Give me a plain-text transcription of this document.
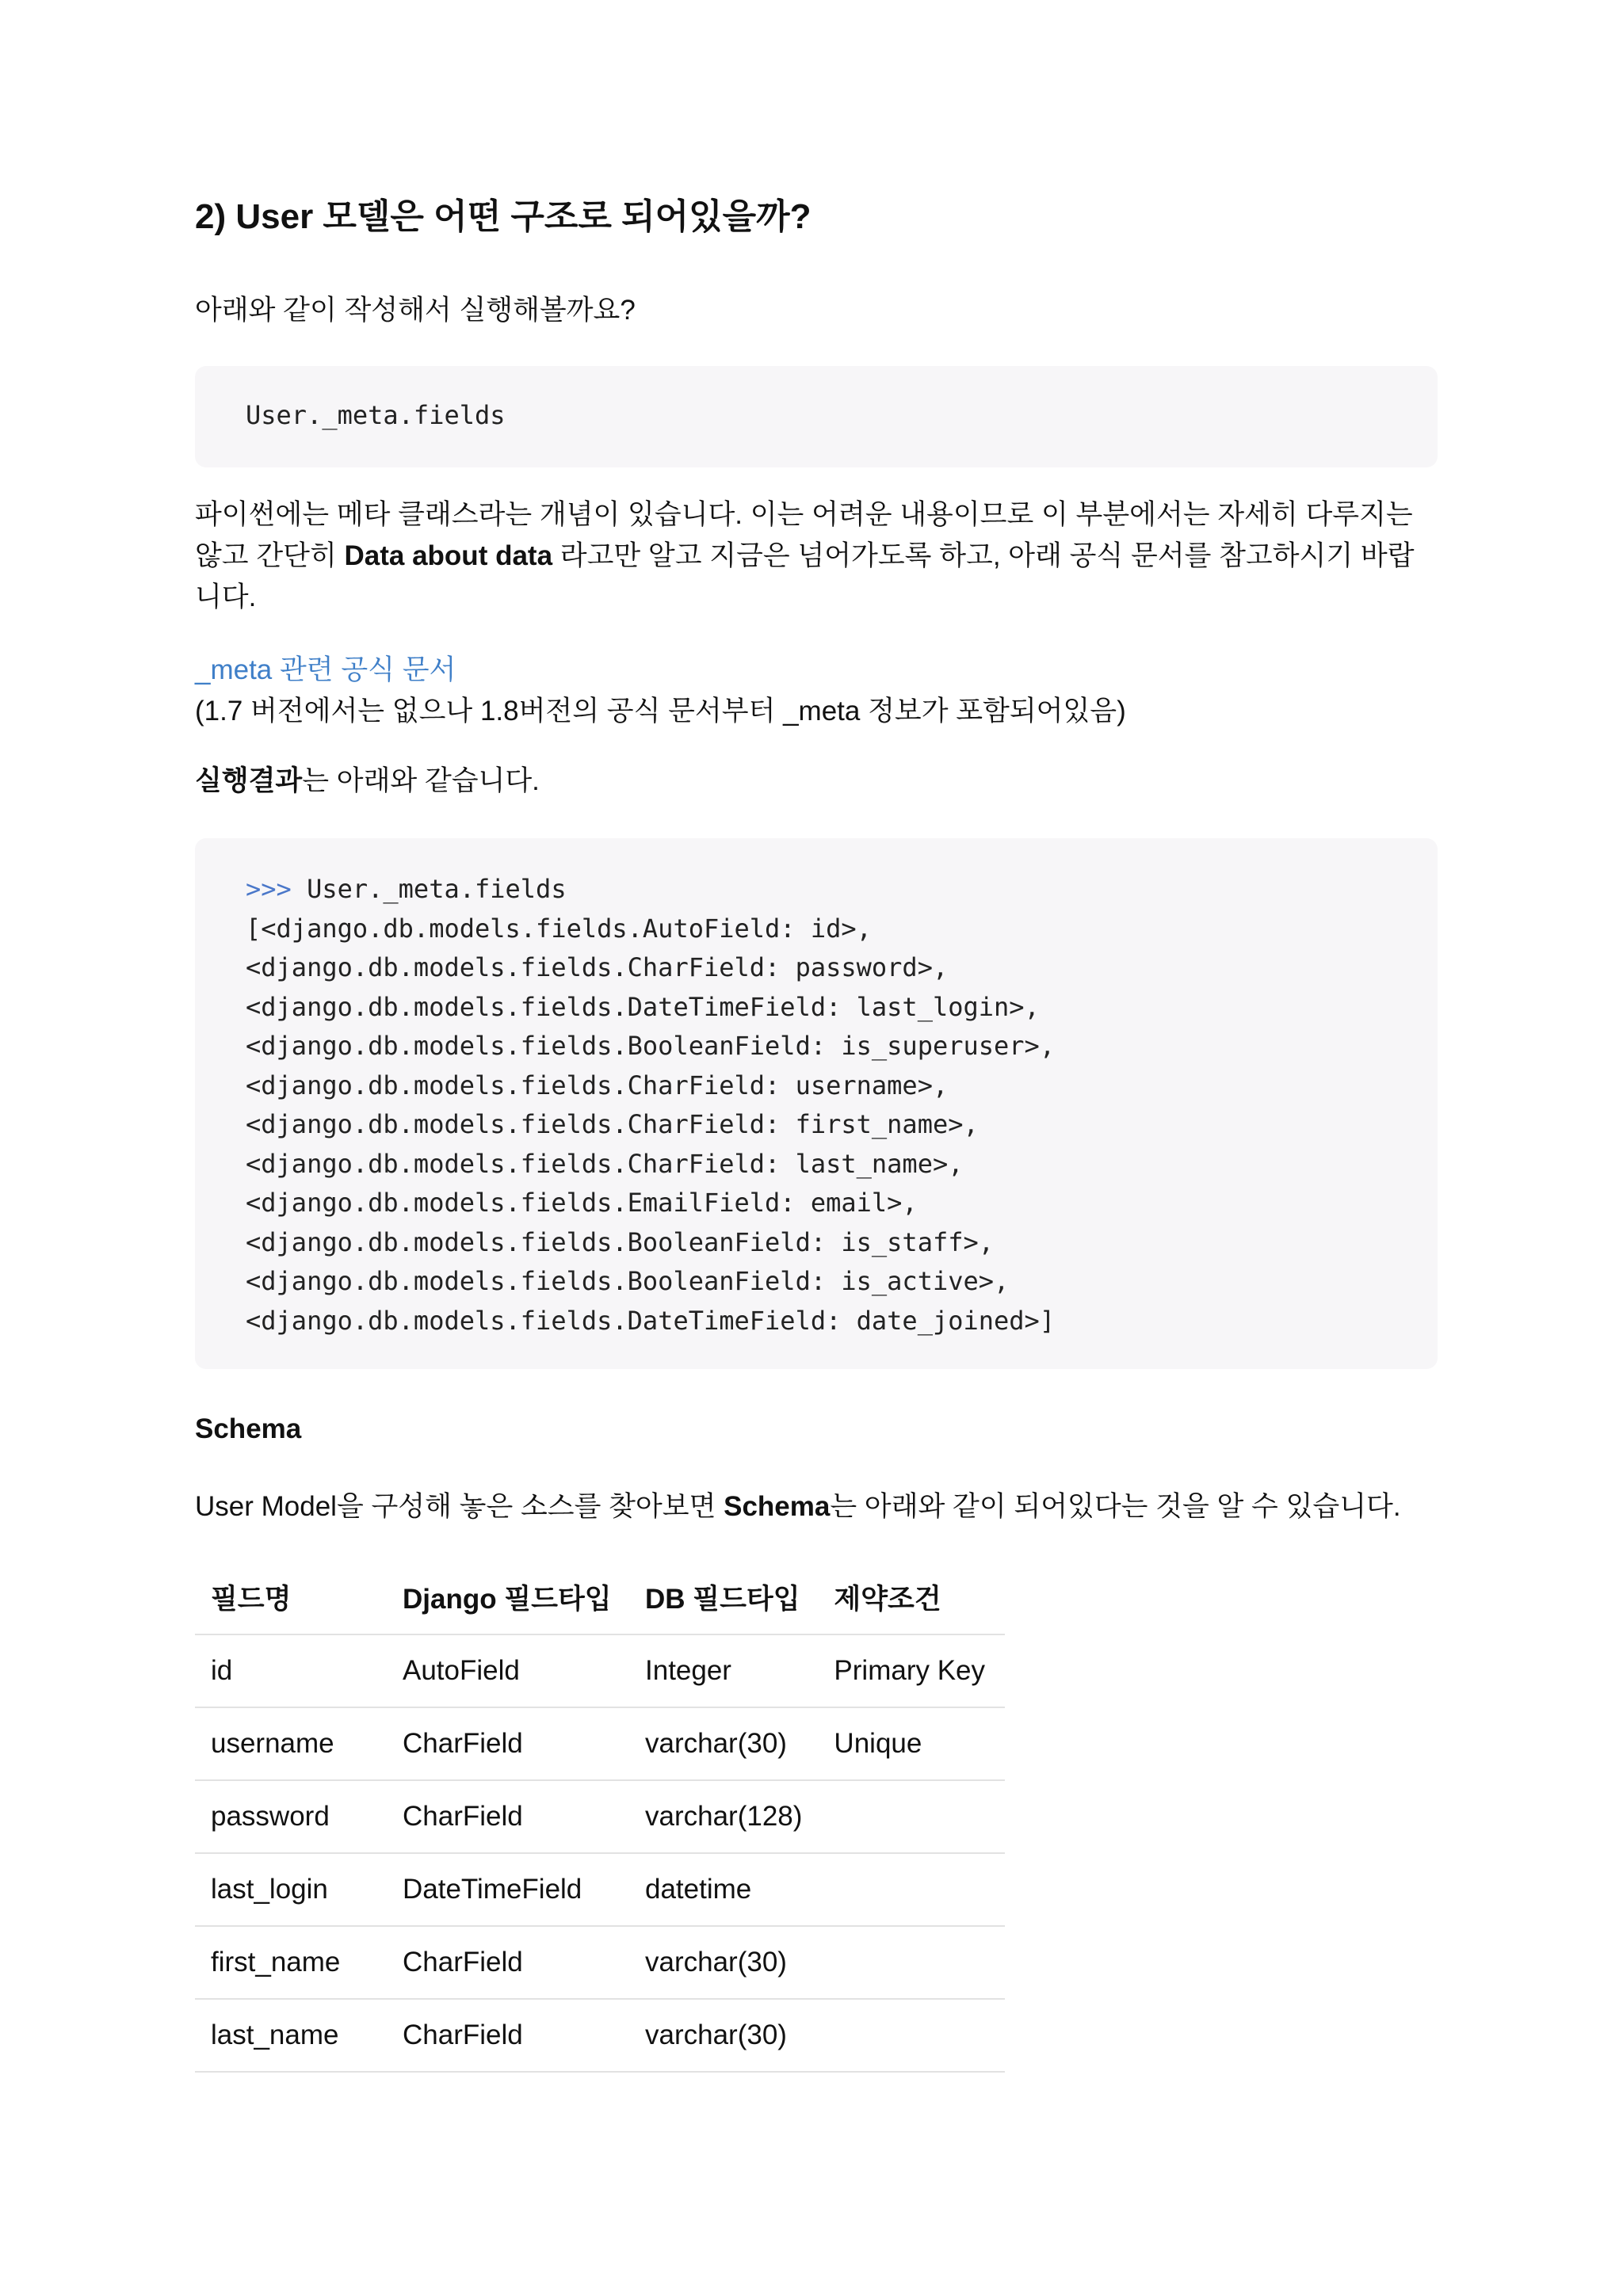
2) User 모델은 어떤 구조로 되어있을까?

아래와 같이 작성해서 실행해볼까요?

User._meta.fields

파이썬에는 메타 클래스라는 개념이 있습니다. 이는 어려운 내용이므로 이 부분에서는 자세히 다루지는 않고 간단히 Data about data 라고만 알고 지금은 넘어가도록 하고, 아래 공식 문서를 참고하시기 바랍니다.

_meta 관련 공식 문서
(1.7 버전에서는 없으나 1.8버전의 공식 문서부터 _meta 정보가 포함되어있음)

실행결과는 아래와 같습니다.

>>> User._meta.fields
[<django.db.models.fields.AutoField: id>,
<django.db.models.fields.CharField: password>,
<django.db.models.fields.DateTimeField: last_login>,
<django.db.models.fields.BooleanField: is_superuser>,
<django.db.models.fields.CharField: username>,
<django.db.models.fields.CharField: first_name>,
<django.db.models.fields.CharField: last_name>,
<django.db.models.fields.EmailField: email>,
<django.db.models.fields.BooleanField: is_staff>,
<django.db.models.fields.BooleanField: is_active>,
<django.db.models.fields.DateTimeField: date_joined>]

Schema

User Model을 구성해 놓은 소스를 찾아보면 Schema는 아래와 같이 되어있다는 것을 알 수 있습니다.

필드명	Django 필드타입	DB 필드타입	제약조건
id	AutoField	Integer	Primary Key
username	CharField	varchar(30)	Unique
password	CharField	varchar(128)	
last_login	DateTimeField	datetime	
first_name	CharField	varchar(30)	
last_name	CharField	varchar(30)	
